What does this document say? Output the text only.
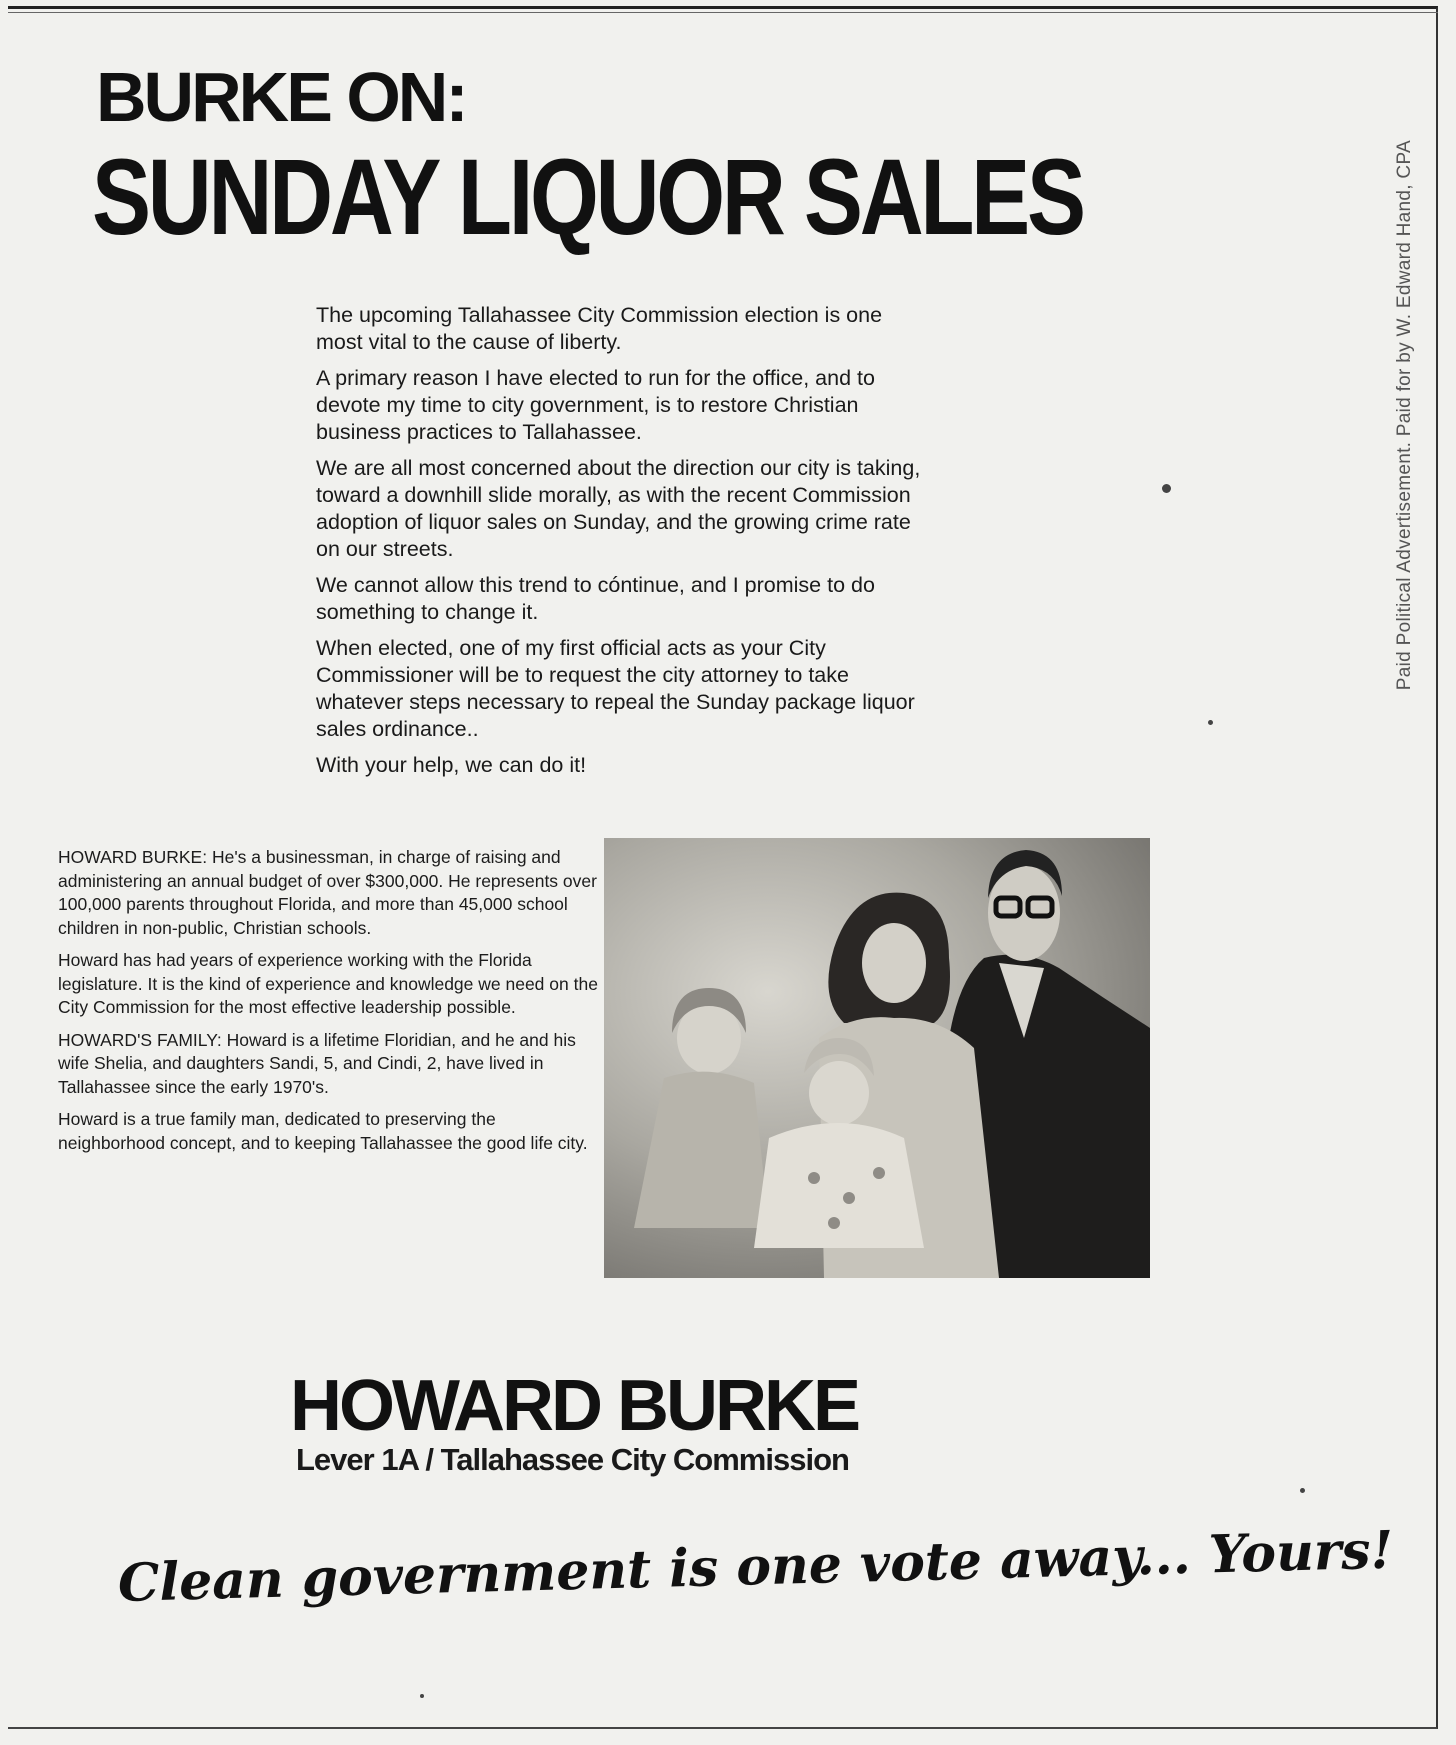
BURKE ON:
SUNDAY LIQUOR SALES	Paid Political Advertisement. Paid for by W. Edward Hand, CPA

The upcoming Tallahassee City Commission election is one most vital to the cause of liberty.

A primary reason I have elected to run for the office, and to devote my time to city government, is to restore Christian business practices to Tallahassee.

We are all most concerned about the direction our city is taking, toward a downhill slide morally, as with the recent Commission adoption of liquor sales on Sunday, and the growing crime rate on our streets.

We cannot allow this trend to cóntinue, and I promise to do something to change it.

When elected, one of my first official acts as your City Commissioner will be to request the city attorney to take whatever steps necessary to repeal the Sunday package liquor sales ordinance..

With your help, we can do it!

HOWARD BURKE: He's a businessman, in charge of raising and administering an annual budget of over $300,000. He represents over 100,000 parents throughout Florida, and more than 45,000 school children in non-public, Christian schools.

Howard has had years of experience working with the Florida legislature. It is the kind of experience and knowledge we need on the City Commission for the most effective leadership possible.

HOWARD'S FAMILY: Howard is a lifetime Floridian, and he and his wife Shelia, and daughters Sandi, 5, and Cindi, 2, have lived in Tallahassee since the early 1970's.

Howard is a true family man, dedicated to preserving the neighborhood concept, and to keeping Tallahassee the good life city.

HOWARD BURKE
Lever 1A / Tallahassee City Commission
Clean government is one vote away... Yours!
